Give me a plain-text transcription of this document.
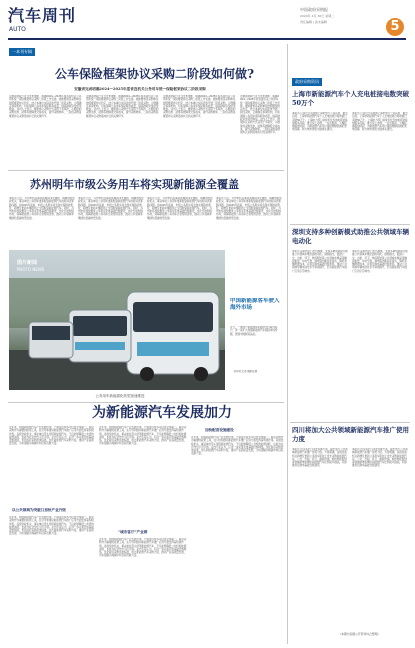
汽车周刊
AUTO
中国政府采购报
2024年 4月 30日 星期二
责任编辑 | 美术编辑	5
一本刊专稿
公车保险框架协议采购二阶段如何做?
安徽省完成明确2024—2025年度省直机关公务用车统一保险框架协议二阶段采购
安徽省财政厅近日发布通知，明确2024—2025年度省直机关公务用车统一保险框架协议采购二阶段工作安排。通知要求各采购单位按照框架协议约定，结合本单位实际需求开展二阶段采购，合理确定承保机构，切实保障公务用车保险服务质量，提高财政资金使用效益。业内人士表示，框架协议采购方式适用于多频次、小额度的采购需求，能够有效降低交易成本，提升采购效率，二阶段采购是框架协议采购落地执行的关键环节。
安徽省财政厅近日发布通知，明确2024—2025年度省直机关公务用车统一保险框架协议采购二阶段工作安排。通知要求各采购单位按照框架协议约定，结合本单位实际需求开展二阶段采购，合理确定承保机构，切实保障公务用车保险服务质量，提高财政资金使用效益。业内人士表示，框架协议采购方式适用于多频次、小额度的采购需求，能够有效降低交易成本，提升采购效率，二阶段采购是框架协议采购落地执行的关键环节。
安徽省财政厅近日发布通知，明确2024—2025年度省直机关公务用车统一保险框架协议采购二阶段工作安排。通知要求各采购单位按照框架协议约定，结合本单位实际需求开展二阶段采购，合理确定承保机构，切实保障公务用车保险服务质量，提高财政资金使用效益。业内人士表示，框架协议采购方式适用于多频次、小额度的采购需求，能够有效降低交易成本，提升采购效率，二阶段采购是框架协议采购落地执行的关键环节。
安徽省财政厅近日发布通知，明确2024—2025年度省直机关公务用车统一保险框架协议采购二阶段工作安排。通知要求各采购单位按照框架协议约定，结合本单位实际需求开展二阶段采购，合理确定承保机构，切实保障公务用车保险服务质量，提高财政资金使用效益。业内人士表示，框架协议采购方式适用于多频次、小额度的采购需求，能够有效降低交易成本，提升采购效率，二阶段采购是框架协议采购落地执行的关键环节。
苏州明年市级公务用车将实现新能源全覆盖
本报讯 近日，苏州市机关事务管理局印发通知，明确市级党政机关、事业单位公务用车更新配备新能源汽车的时间表和路线图。到2025年底前，市级公务用车将全面实现新能源化，新增及更新车辆原则上全部配备新能源汽车。同时，苏州市将加快推进公务用车充电基础设施建设，优化充电网络布局，保障新能源公务用车日常使用需求，推动公共领域车辆绿色低碳转型发展。
本报讯 近日，苏州市机关事务管理局印发通知，明确市级党政机关、事业单位公务用车更新配备新能源汽车的时间表和路线图。到2025年底前，市级公务用车将全面实现新能源化，新增及更新车辆原则上全部配备新能源汽车。同时，苏州市将加快推进公务用车充电基础设施建设，优化充电网络布局，保障新能源公务用车日常使用需求，推动公共领域车辆绿色低碳转型发展。
本报讯 近日，苏州市机关事务管理局印发通知，明确市级党政机关、事业单位公务用车更新配备新能源汽车的时间表和路线图。到2025年底前，市级公务用车将全面实现新能源化，新增及更新车辆原则上全部配备新能源汽车。同时，苏州市将加快推进公务用车充电基础设施建设，优化充电网络布局，保障新能源公务用车日常使用需求，推动公共领域车辆绿色低碳转型发展。
本报讯 近日，苏州市机关事务管理局印发通知，明确市级党政机关、事业单位公务用车更新配备新能源汽车的时间表和路线图。到2025年底前，市级公务用车将全面实现新能源化，新增及更新车辆原则上全部配备新能源汽车。同时，苏州市将加快推进公务用车充电基础设施建设，优化充电网络布局，保障新能源公务用车日常使用需求，推动公共领域车辆绿色低碳转型发展。
图片新闻
PHOTO NEWS
公务用车新能源化转型加速推进
中国新能源客车驶入海外市场
近日，一批国产新能源客车陆续交付海外客户，进一步扩大我国新能源汽车国际市场份额，展现中国制造品质。
新华社记者 摄影报道
为新能源汽车发展加力
近年来，我国新能源汽车产业发展迅速，产销量连续多年位居全球第一。政府采购作为重要的政策工具，在引导和推动新能源汽车推广应用方面发挥着积极作用。各级党政机关、事业单位带头使用新能源汽车，不仅能够降低公共机构能源消耗，也能为社会作出示范引领。业内专家认为，应进一步完善充电基础设施网络，优化政府采购需求标准，加大新能源汽车采购力度，推动产业高质量发展，为实现碳达峰碳中和目标贡献力量。
以公共领域为突破口加快产业升级
近年来，我国新能源汽车产业发展迅速，产销量连续多年位居全球第一。政府采购作为重要的政策工具，在引导和推动新能源汽车推广应用方面发挥着积极作用。各级党政机关、事业单位带头使用新能源汽车，不仅能够降低公共机构能源消耗，也能为社会作出示范引领。业内专家认为，应进一步完善充电基础设施网络，优化政府采购需求标准，加大新能源汽车采购力度，推动产业高质量发展，为实现碳达峰碳中和目标贡献力量。
近年来，我国新能源汽车产业发展迅速，产销量连续多年位居全球第一。政府采购作为重要的政策工具，在引导和推动新能源汽车推广应用方面发挥着积极作用。各级党政机关、事业单位带头使用新能源汽车，不仅能够降低公共机构能源消耗，也能为社会作出示范引领。业内专家认为，应进一步完善充电基础设施网络，优化政府采购需求标准，加大新能源汽车采购力度，推动产业高质量发展，为实现碳达峰碳中和目标贡献力量。
“城市客厅”产业群
近年来，我国新能源汽车产业发展迅速，产销量连续多年位居全球第一。政府采购作为重要的政策工具，在引导和推动新能源汽车推广应用方面发挥着积极作用。各级党政机关、事业单位带头使用新能源汽车，不仅能够降低公共机构能源消耗，也能为社会作出示范引领。业内专家认为，应进一步完善充电基础设施网络，优化政府采购需求标准，加大新能源汽车采购力度，推动产业高质量发展，为实现碳达峰碳中和目标贡献力量。
加快配套设施建设
近年来，我国新能源汽车产业发展迅速，产销量连续多年位居全球第一。政府采购作为重要的政策工具，在引导和推动新能源汽车推广应用方面发挥着积极作用。各级党政机关、事业单位带头使用新能源汽车，不仅能够降低公共机构能源消耗，也能为社会作出示范引领。业内专家认为，应进一步完善充电基础设施网络，优化政府采购需求标准，加大新能源汽车采购力度，推动产业高质量发展，为实现碳达峰碳中和目标贡献力量。
政府采购资讯
上海市新能源汽车个人充电桩接电数突破50万个
本报讯 记者近日从国网上海市电力公司获悉，截至目前，上海市新能源汽车个人充电桩累计接电数已突破50万个。上海电力部门持续优化充电桩报装接电服务流程，推行线上办理、一站式服务，大幅压缩接电时间，为新能源汽车用户提供便捷高效的充电保障，助力城市绿色交通体系建设。
本报讯 记者近日从国网上海市电力公司获悉，截至目前，上海市新能源汽车个人充电桩累计接电数已突破50万个。上海电力部门持续优化充电桩报装接电服务流程，推行线上办理、一站式服务，大幅压缩接电时间，为新能源汽车用户提供便捷高效的充电保障，助力城市绿色交通体系建设。
深圳支持多种创新模式助推公共领域车辆电动化
本报讯 深圳市近日出台措施，支持多种创新模式助推公共领域车辆全面电动化。措施提出，鼓励公交、出租、环卫、物流配送等公共领域车辆采用融资租赁、车电分离、换电等创新商业模式，降低车辆购置成本，完善充换电基础设施布局，推动公共领域车辆电动化水平持续提升，打造新能源汽车推广应用示范城市。
本报讯 深圳市近日出台措施，支持多种创新模式助推公共领域车辆全面电动化。措施提出，鼓励公交、出租、环卫、物流配送等公共领域车辆采用融资租赁、车电分离、换电等创新商业模式，降低车辆购置成本，完善充换电基础设施布局，推动公共领域车辆电动化水平持续提升，打造新能源汽车推广应用示范城市。
四川将加大公共领域新能源汽车推广使用力度
本报讯 四川省近日印发实施方案，提出加大公共领域新能源汽车推广使用力度。方案明确，各级党政机关新增及更新公务用车原则上优先采购新能源汽车，公交、出租、环卫、邮政快递、城市物流配送等领域新增车辆中新能源汽车比例逐年提高，同步推进充换电基础设施建设。
本报讯 四川省近日印发实施方案，提出加大公共领域新能源汽车推广使用力度。方案明确，各级党政机关新增及更新公务用车原则上优先采购新能源汽车，公交、出租、环卫、邮政快递、城市物流配送等领域新增车辆中新能源汽车比例逐年提高，同步推进充换电基础设施建设。
(本期内容据公开资料综合整理)
